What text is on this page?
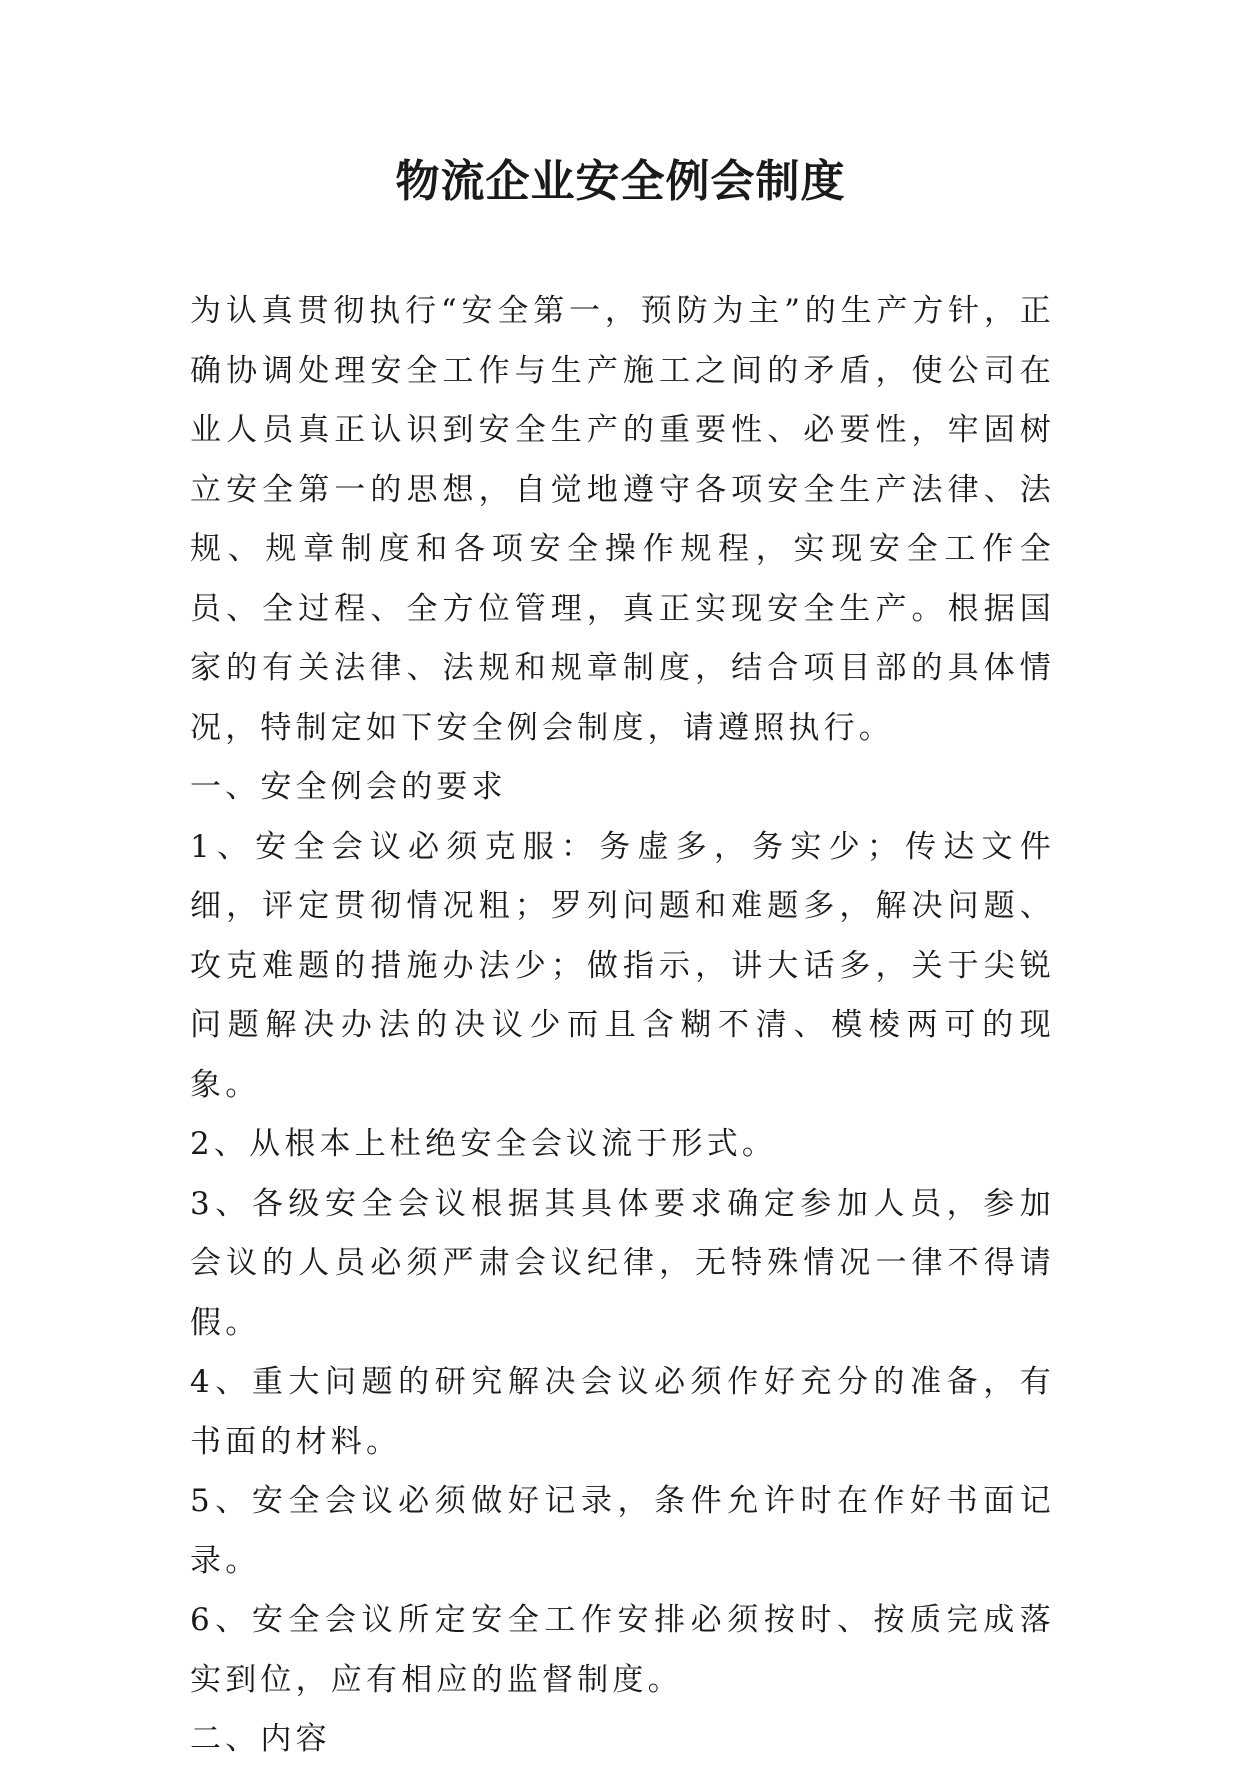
物流企业安全例会制度

为认真贯彻执行“安全第一，预防为主”的生产方针，正确协调处理安全工作与生产施工之间的矛盾，使公司在业人员真正认识到安全生产的重要性、必要性，牢固树立安全第一的思想，自觉地遵守各项安全生产法律、法规、规章制度和各项安全操作规程，实现安全工作全员、全过程、全方位管理，真正实现安全生产。根据国家的有关法律、法规和规章制度，结合项目部的具体情况，特制定如下安全例会制度，请遵照执行。

一、安全例会的要求

1、安全会议必须克服：务虚多，务实少；传达文件细，评定贯彻情况粗；罗列问题和难题多，解决问题、攻克难题的措施办法少；做指示，讲大话多，关于尖锐问题解决办法的决议少而且含糊不清、模棱两可的现象。

2、从根本上杜绝安全会议流于形式。

3、各级安全会议根据其具体要求确定参加人员，参加会议的人员必须严肃会议纪律，无特殊情况一律不得请假。

4、重大问题的研究解决会议必须作好充分的准备，有书面的材料。

5、安全会议必须做好记录，条件允许时在作好书面记录。

6、安全会议所定安全工作安排必须按时、按质完成落实到位，应有相应的监督制度。

二、内容
